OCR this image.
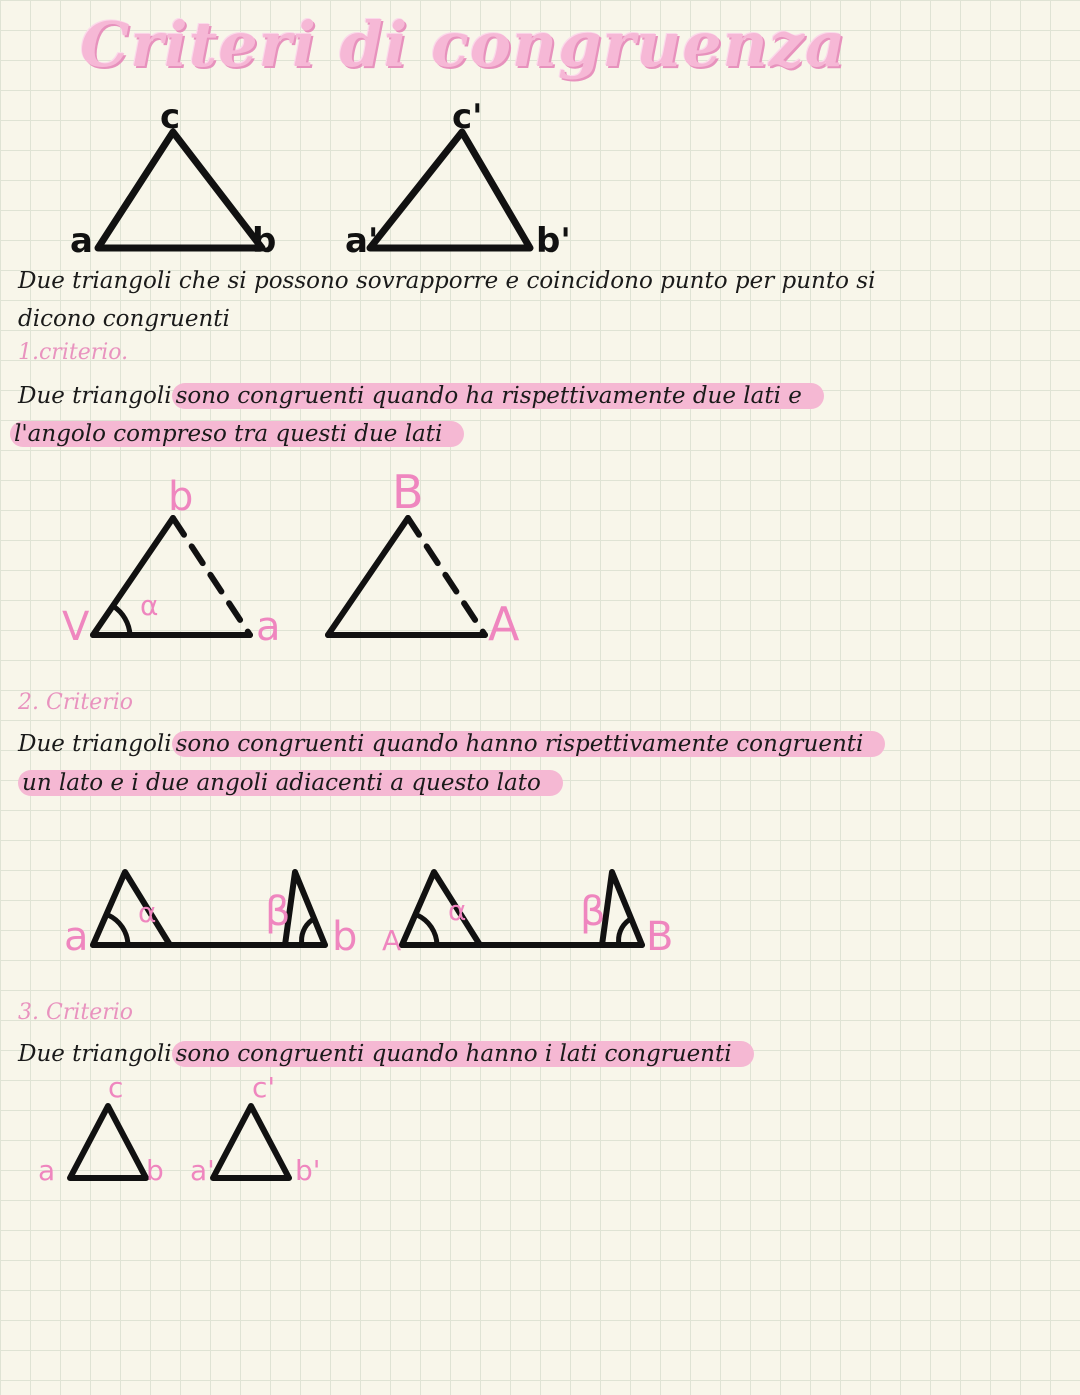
Criteri di congruenza
c
a	b
c'
a'	b'
V α a
b	B
A
a
α	β
b A
α	β
B
a
c
b a'
c'
b'

Due triangoli che si possono sovrapporre e coincidono punto per punto si

dicono congruenti

1.criterio.

Due triangoli sono congruenti quando ha rispettivamente due lati e

l'angolo compreso tra questi due lati

2. Criterio

Due triangoli sono congruenti quando hanno rispettivamente congruenti

un lato e i due angoli adiacenti a questo lato

3. Criterio

Due triangoli sono congruenti quando hanno i lati congruenti
